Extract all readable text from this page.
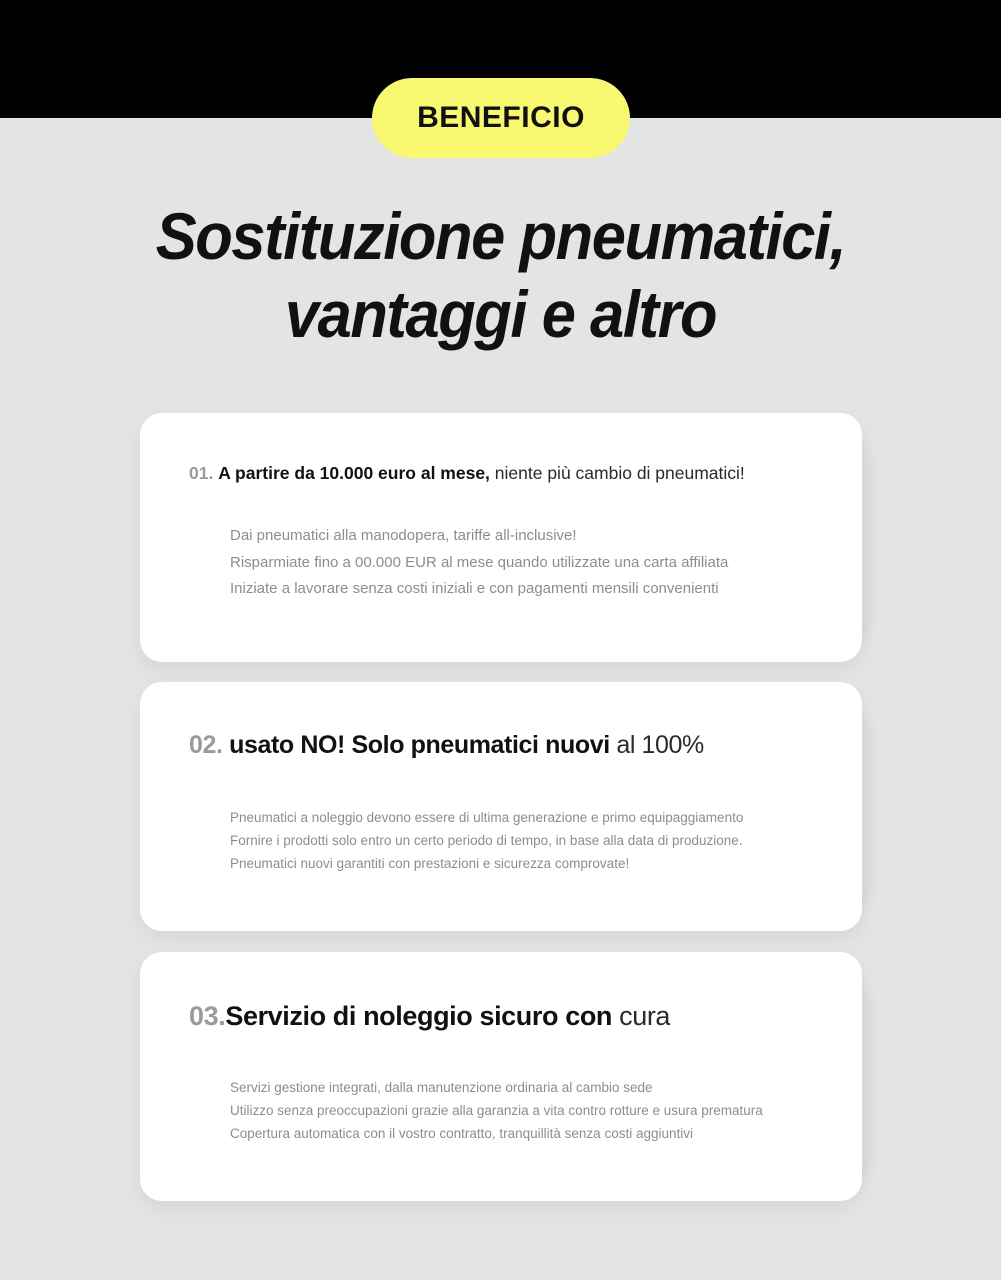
BENEFICIO
Sostituzione pneumatici,
vantaggi e altro
01. A partire da 10.000 euro al mese, niente più cambio di pneumatici!
Dai pneumatici alla manodopera, tariffe all-inclusive!
Risparmiate fino a 00.000 EUR al mese quando utilizzate una carta affiliata
Iniziate a lavorare senza costi iniziali e con pagamenti mensili convenienti
02. usato NO! Solo pneumatici nuovi al 100%
Pneumatici a noleggio devono essere di ultima generazione e primo equipaggiamento
Fornire i prodotti solo entro un certo periodo di tempo, in base alla data di produzione.
Pneumatici nuovi garantiti con prestazioni e sicurezza comprovate!
03.Servizio di noleggio sicuro con cura
Servizi gestione integrati, dalla manutenzione ordinaria al cambio sede
Utilizzo senza preoccupazioni grazie alla garanzia a vita contro rotture e usura prematura
Copertura automatica con il vostro contratto, tranquillità senza costi aggiuntivi
